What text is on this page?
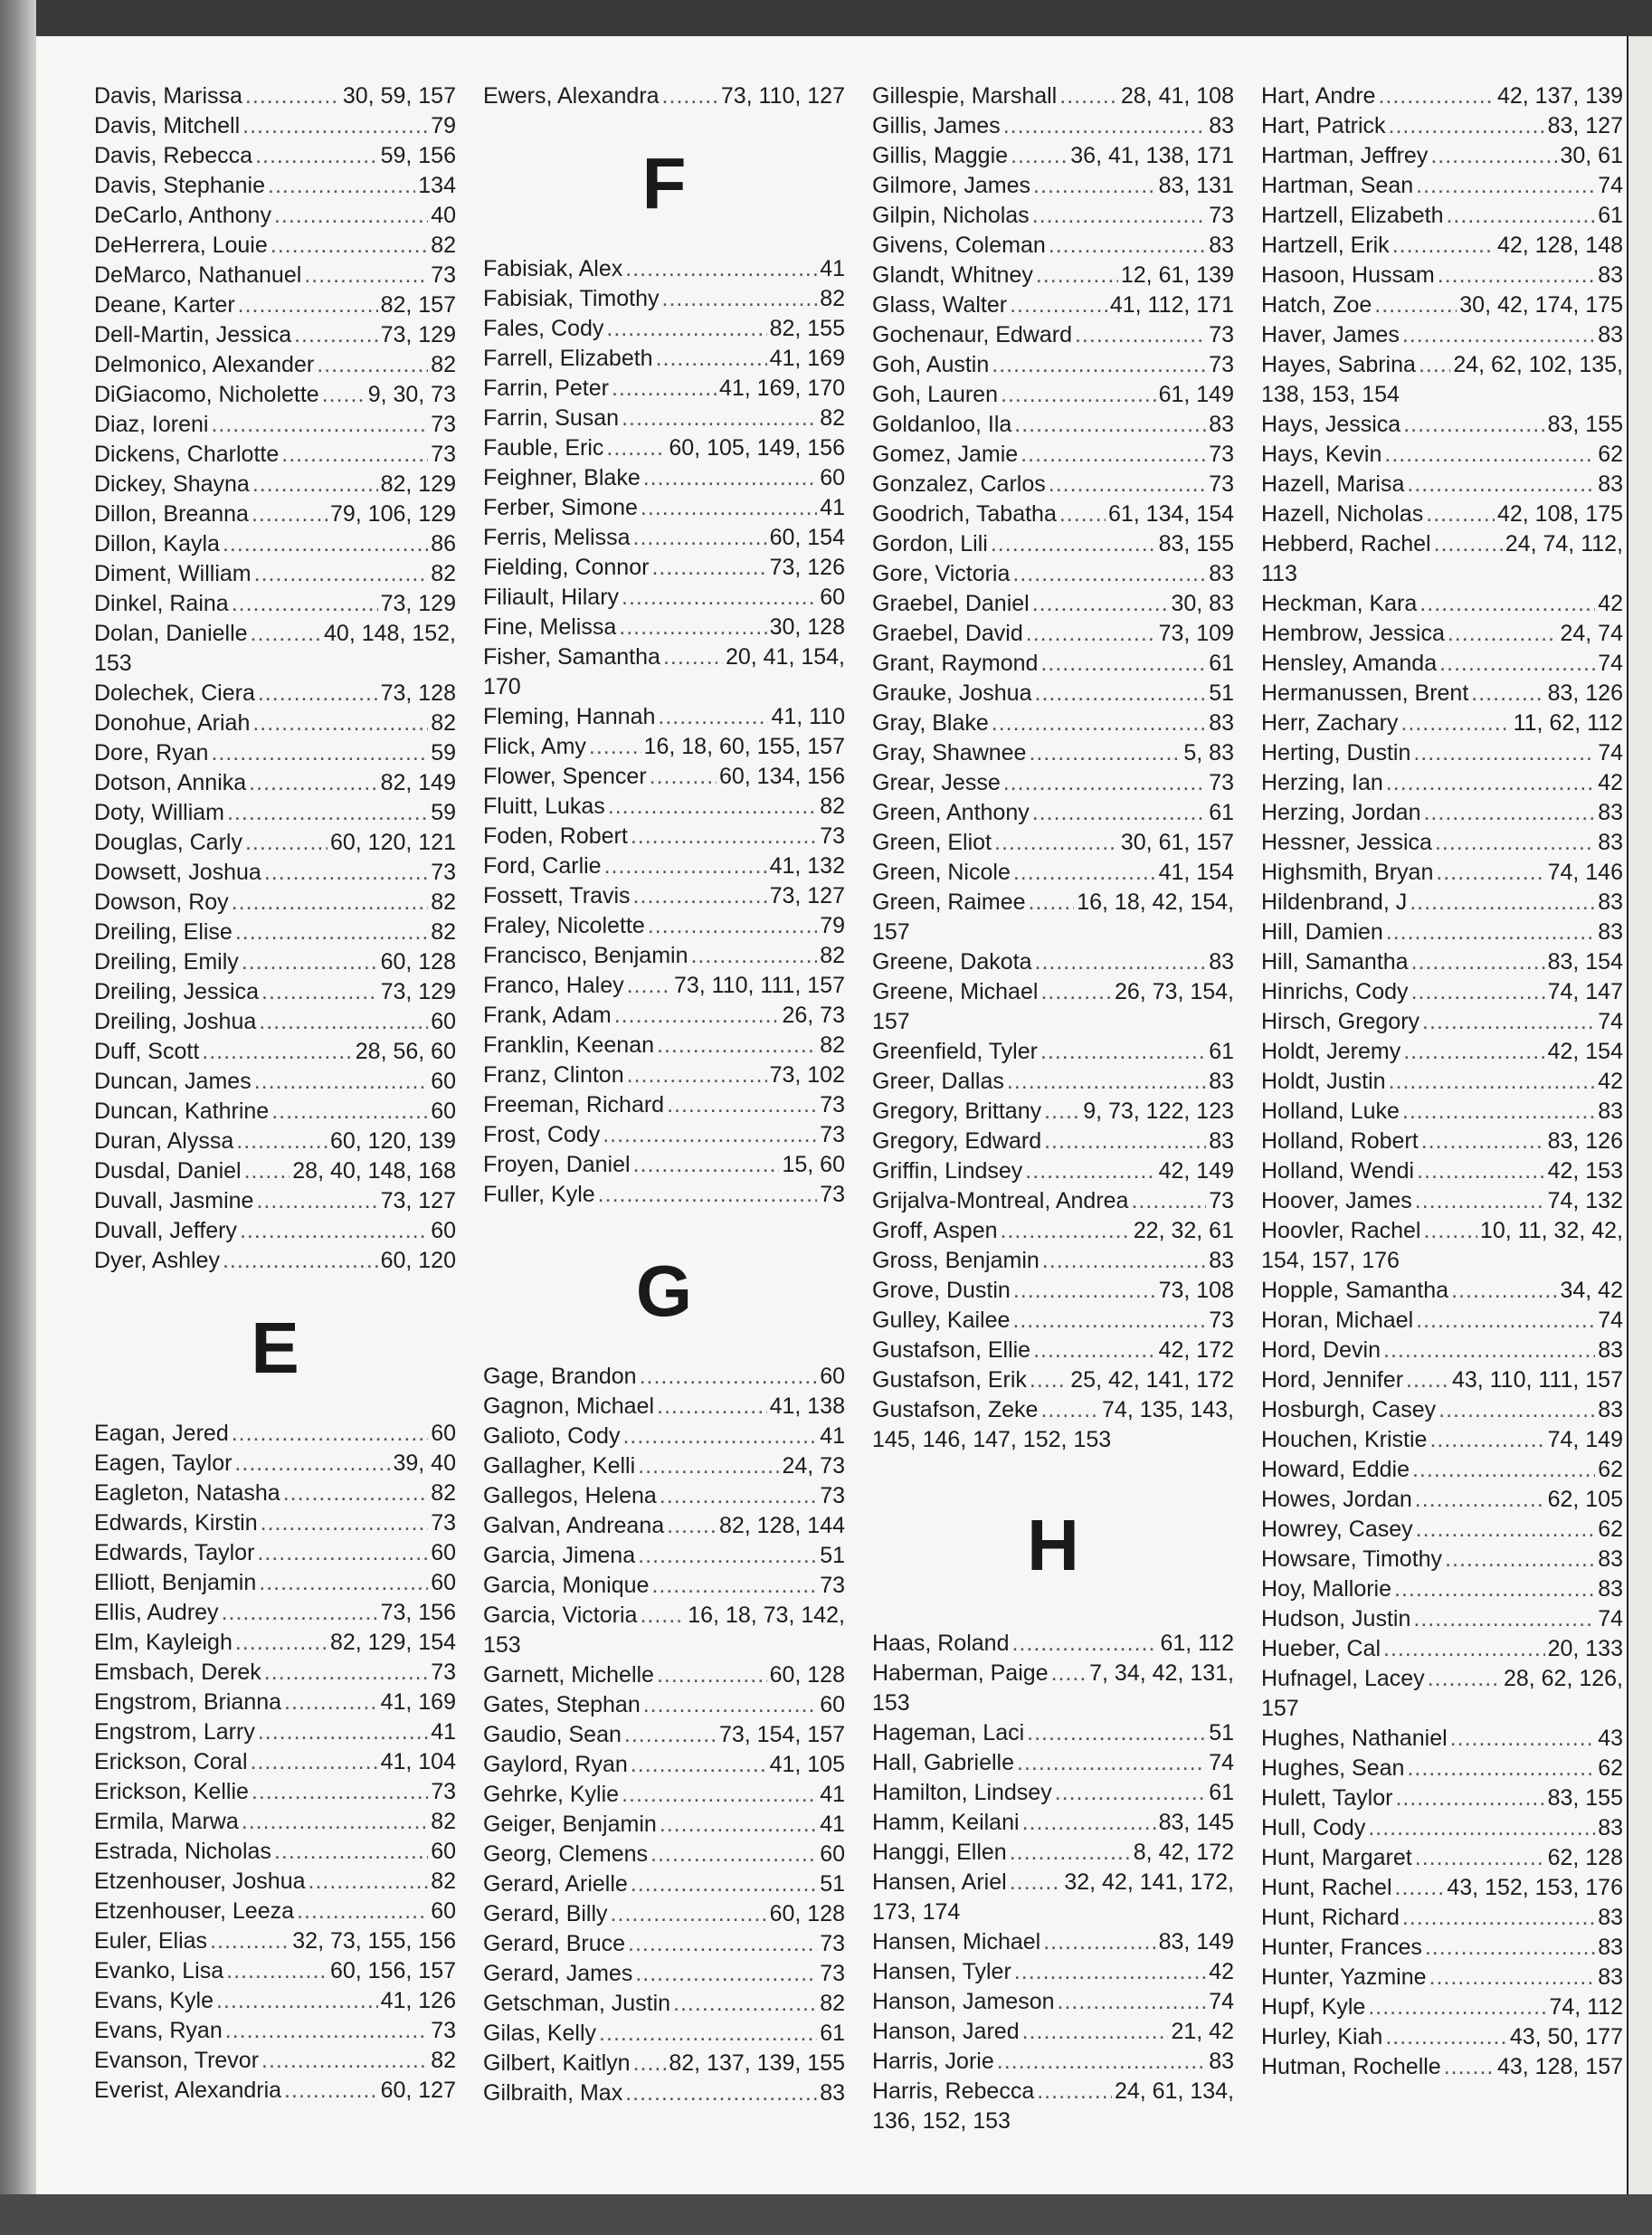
Davis, Marissa .....	30, 59, 157
Davis, Mitchell .....	79
Davis, Rebecca .....	59, 156
Davis, Stephanie .....	134
DeCarlo, Anthony .....	40
DeHerrera, Louie .....	82
DeMarco, Nathanuel .....	73
Deane, Karter .....	82, 157
Dell-Martin, Jessica .....	73, 129
Delmonico, Alexander .....	82
DiGiacomo, Nicholette ..... 9, 30, 73
Diaz, Ioreni .....	73
Dickens, Charlotte .....	73
Dickey, Shayna .....	82, 129
Dillon, Breanna .....	79, 106, 129
Dillon, Kayla .....	86
Diment, William .....	82
Dinkel, Raina .....	73, 129
Dolan, Danielle .....	40, 148, 152,
153
Dolechek, Ciera .....	73, 128
Donohue, Ariah .....	82
Dore, Ryan .....	59
Dotson, Annika .....	82, 149
Doty, William .....	59
Douglas, Carly .....	60, 120, 121
Dowsett, Joshua .....	73
Dowson, Roy .....	82
Dreiling, Elise .....	82
Dreiling, Emily .....	60, 128
Dreiling, Jessica .....	73, 129
Dreiling, Joshua .....	60
Duff, Scott .....	28, 56, 60
Duncan, James .....	60
Duncan, Kathrine .....	60
Duran, Alyssa .....	60, 120, 139
Dusdal, Daniel ..... 28, 40, 148, 168
Duvall, Jasmine .....	73, 127
Duvall, Jeffery .....	60
Dyer, Ashley .....	60, 120
E
Eagan, Jered .....	60
Eagen, Taylor .....	39, 40
Eagleton, Natasha .....	82
Edwards, Kirstin .....	73
Edwards, Taylor .....	60
Elliott, Benjamin .....	60
Ellis, Audrey .....	73, 156
Elm, Kayleigh .....	82, 129, 154
Emsbach, Derek .....	73
Engstrom, Brianna .....	41, 169
Engstrom, Larry .....	41
Erickson, Coral .....	41, 104
Erickson, Kellie .....	73
Ermila, Marwa .....	82
Estrada, Nicholas .....	60
Etzenhouser, Joshua .....	82
Etzenhouser, Leeza .....	60
Euler, Elias .....	32, 73, 155, 156
Evanko, Lisa .....	60, 156, 157
Evans, Kyle .....	41, 126
Evans, Ryan .....	73
Evanson, Trevor .....	82
Everist, Alexandria .....	60, 127
Ewers, Alexandra .....	73, 110, 127
F
Fabisiak, Alex .....	41
Fabisiak, Timothy .....	82
Fales, Cody .....	82, 155
Farrell, Elizabeth .....	41, 169
Farrin, Peter .....	41, 169, 170
Farrin, Susan .....	82
Fauble, Eric .....	60, 105, 149, 156
Feighner, Blake .....	60
Ferber, Simone .....	41
Ferris, Melissa .....	60, 154
Fielding, Connor .....	73, 126
Filiault, Hilary .....	60
Fine, Melissa .....	30, 128
Fisher, Samantha .....	20, 41, 154,
170
Fleming, Hannah .....	41, 110
Flick, Amy .....	16, 18, 60, 155, 157
Flower, Spencer .....	60, 134, 156
Fluitt, Lukas .....	82
Foden, Robert .....	73
Ford, Carlie .....	41, 132
Fossett, Travis .....	73, 127
Fraley, Nicolette .....	79
Francisco, Benjamin .....	82
Franco, Haley ..... 73, 110, 111, 157
Frank, Adam .....	26, 73
Franklin, Keenan .....	82
Franz, Clinton .....	73, 102
Freeman, Richard .....	73
Frost, Cody .....	73
Froyen, Daniel .....	15, 60
Fuller, Kyle .....	73
G
Gage, Brandon .....	60
Gagnon, Michael .....	41, 138
Galioto, Cody .....	41
Gallagher, Kelli .....	24, 73
Gallegos, Helena .....	73
Galvan, Andreana ..... 82, 128, 144
Garcia, Jimena .....	51
Garcia, Monique .....	73
Garcia, Victoria ..... 16, 18, 73, 142,
153
Garnett, Michelle .....	60, 128
Gates, Stephan .....	60
Gaudio, Sean .....	73, 154, 157
Gaylord, Ryan .....	41, 105
Gehrke, Kylie .....	41
Geiger, Benjamin .....	41
Georg, Clemens .....	60
Gerard, Arielle .....	51
Gerard, Billy .....	60, 128
Gerard, Bruce .....	73
Gerard, James .....	73
Getschman, Justin .....	82
Gilas, Kelly .....	61
Gilbert, Kaitlyn ..... 82, 137, 139, 155
Gilbraith, Max .....	83
Gillespie, Marshall .....	28, 41, 108
Gillis, James .....	83
Gillis, Maggie .....	36, 41, 138, 171
Gilmore, James .....	83, 131
Gilpin, Nicholas .....	73
Givens, Coleman .....	83
Glandt, Whitney .....	12, 61, 139
Glass, Walter .....	41, 112, 171
Gochenaur, Edward .....	73
Goh, Austin .....	73
Goh, Lauren .....	61, 149
Goldanloo, Ila .....	83
Gomez, Jamie .....	73
Gonzalez, Carlos .....	73
Goodrich, Tabatha ..... 61, 134, 154
Gordon, Lili .....	83, 155
Gore, Victoria .....	83
Graebel, Daniel .....	30, 83
Graebel, David .....	73, 109
Grant, Raymond .....	61
Grauke, Joshua .....	51
Gray, Blake .....	83
Gray, Shawnee .....	5, 83
Grear, Jesse .....	73
Green, Anthony .....	61
Green, Eliot .....	30, 61, 157
Green, Nicole .....	41, 154
Green, Raimee ..... 16, 18, 42, 154,
157
Greene, Dakota .....	83
Greene, Michael .....	26, 73, 154,
157
Greenfield, Tyler .....	61
Greer, Dallas .....	83
Gregory, Brittany ..... 9, 73, 122, 123
Gregory, Edward .....	83
Griffin, Lindsey .....	42, 149
Grijalva-Montreal, Andrea .....	73
Groff, Aspen .....	22, 32, 61
Gross, Benjamin .....	83
Grove, Dustin .....	73, 108
Gulley, Kailee .....	73
Gustafson, Ellie .....	42, 172
Gustafson, Erik ..... 25, 42, 141, 172
Gustafson, Zeke .....	74, 135, 143,
145, 146, 147, 152, 153
H
Haas, Roland .....	61, 112
Haberman, Paige ..... 7, 34, 42, 131,
153
Hageman, Laci .....	51
Hall, Gabrielle .....	74
Hamilton, Lindsey .....	61
Hamm, Keilani .....	83, 145
Hanggi, Ellen .....	8, 42, 172
Hansen, Ariel .....	32, 42, 141, 172,
173, 174
Hansen, Michael .....	83, 149
Hansen, Tyler .....	42
Hanson, Jameson .....	74
Hanson, Jared .....	21, 42
Harris, Jorie .....	83
Harris, Rebecca .....	24, 61, 134,
136, 152, 153
Hart, Andre .....	42, 137, 139
Hart, Patrick .....	83, 127
Hartman, Jeffrey .....	30, 61
Hartman, Sean .....	74
Hartzell, Elizabeth .....	61
Hartzell, Erik .....	42, 128, 148
Hasoon, Hussam .....	83
Hatch, Zoe .....	30, 42, 174, 175
Haver, James .....	83
Hayes, Sabrina ..... 24, 62, 102, 135,
138, 153, 154
Hays, Jessica .....	83, 155
Hays, Kevin .....	62
Hazell, Marisa .....	83
Hazell, Nicholas .....	42, 108, 175
Hebberd, Rachel .....	24, 74, 112,
113
Heckman, Kara .....	42
Hembrow, Jessica .....	24, 74
Hensley, Amanda .....	74
Hermanussen, Brent .....	83, 126
Herr, Zachary .....	11, 62, 112
Herting, Dustin .....	74
Herzing, Ian .....	42
Herzing, Jordan .....	83
Hessner, Jessica .....	83
Highsmith, Bryan .....	74, 146
Hildenbrand, J .....	83
Hill, Damien .....	83
Hill, Samantha .....	83, 154
Hinrichs, Cody .....	74, 147
Hirsch, Gregory .....	74
Holdt, Jeremy .....	42, 154
Holdt, Justin .....	42
Holland, Luke .....	83
Holland, Robert .....	83, 126
Holland, Wendi .....	42, 153
Hoover, James .....	74, 132
Hoovler, Rachel .....	10, 11, 32, 42,
154, 157, 176
Hopple, Samantha .....	34, 42
Horan, Michael .....	74
Hord, Devin .....	83
Hord, Jennifer ..... 43, 110, 111, 157
Hosburgh, Casey .....	83
Houchen, Kristie .....	74, 149
Howard, Eddie .....	62
Howes, Jordan .....	62, 105
Howrey, Casey .....	62
Howsare, Timothy .....	83
Hoy, Mallorie .....	83
Hudson, Justin .....	74
Hueber, Cal .....	20, 133
Hufnagel, Lacey .....	28, 62, 126,
157
Hughes, Nathaniel .....	43
Hughes, Sean .....	62
Hulett, Taylor .....	83, 155
Hull, Cody .....	83
Hunt, Margaret .....	62, 128
Hunt, Rachel ..... 43, 152, 153, 176
Hunt, Richard .....	83
Hunter, Frances .....	83
Hunter, Yazmine .....	83
Hupf, Kyle .....	74, 112
Hurley, Kiah .....	43, 50, 177
Hutman, Rochelle ..... 43, 128, 157
